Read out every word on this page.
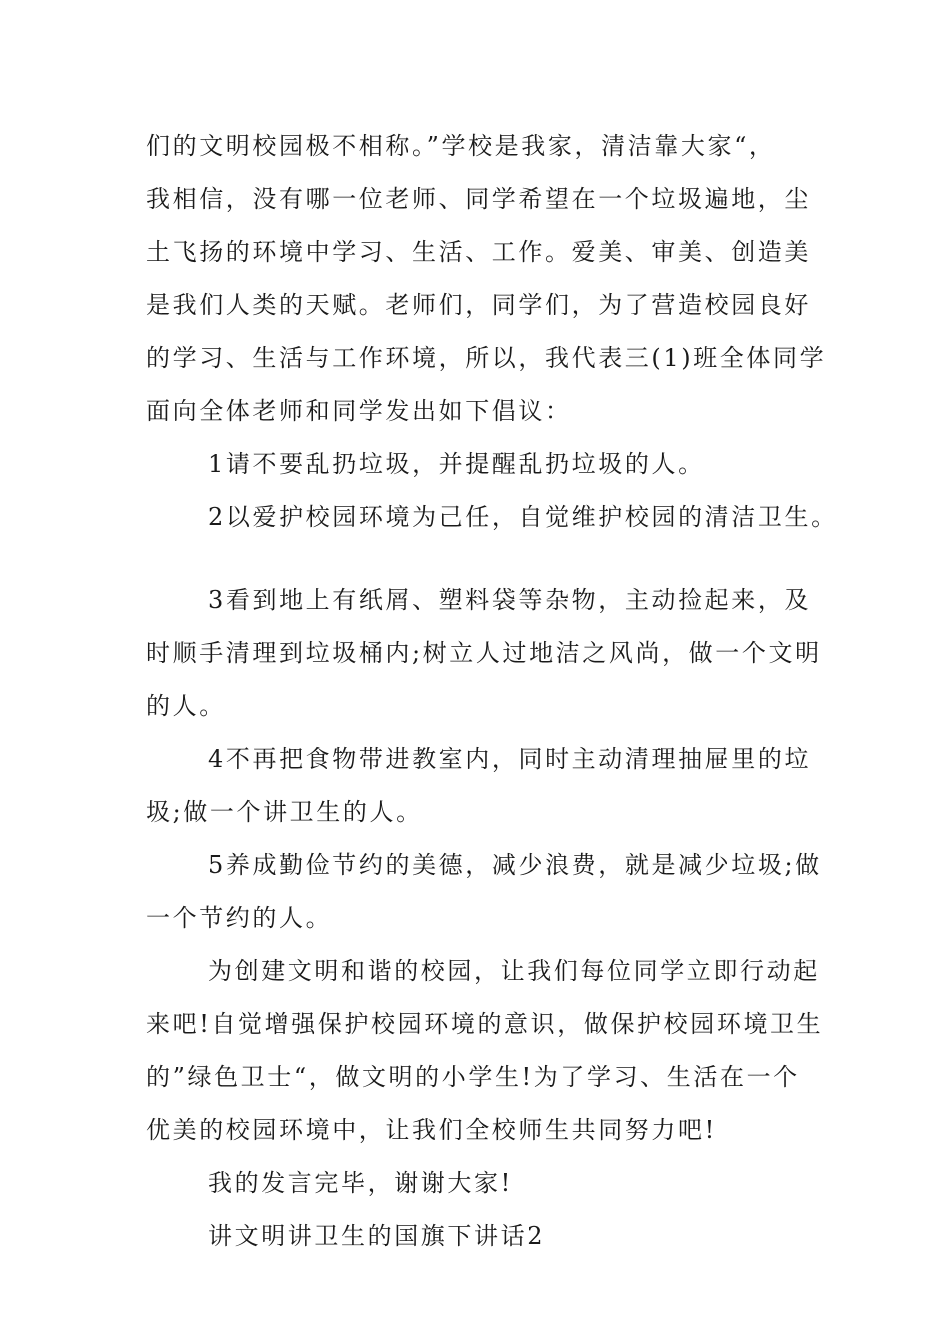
们的文明校园极不相称。”学校是我家，清洁靠大家“，
我相信，没有哪一位老师、同学希望在一个垃圾遍地，尘
土飞扬的环境中学习、生活、工作。爱美、审美、创造美
是我们人类的天赋。老师们，同学们，为了营造校园良好
的学习、生活与工作环境，所以，我代表三(1)班全体同学
面向全体老师和同学发出如下倡议：
1请不要乱扔垃圾，并提醒乱扔垃圾的人。
2以爱护校园环境为己任，自觉维护校园的清洁卫生。
3看到地上有纸屑、塑料袋等杂物，主动捡起来，及
时顺手清理到垃圾桶内;树立人过地洁之风尚，做一个文明
的人。
4不再把食物带进教室内，同时主动清理抽屉里的垃
圾;做一个讲卫生的人。
5养成勤俭节约的美德，减少浪费，就是减少垃圾;做
一个节约的人。
为创建文明和谐的校园，让我们每位同学立即行动起
来吧!自觉增强保护校园环境的意识，做保护校园环境卫生
的”绿色卫士“，做文明的小学生!为了学习、生活在一个
优美的校园环境中，让我们全校师生共同努力吧!
我的发言完毕，谢谢大家!
讲文明讲卫生的国旗下讲话2
